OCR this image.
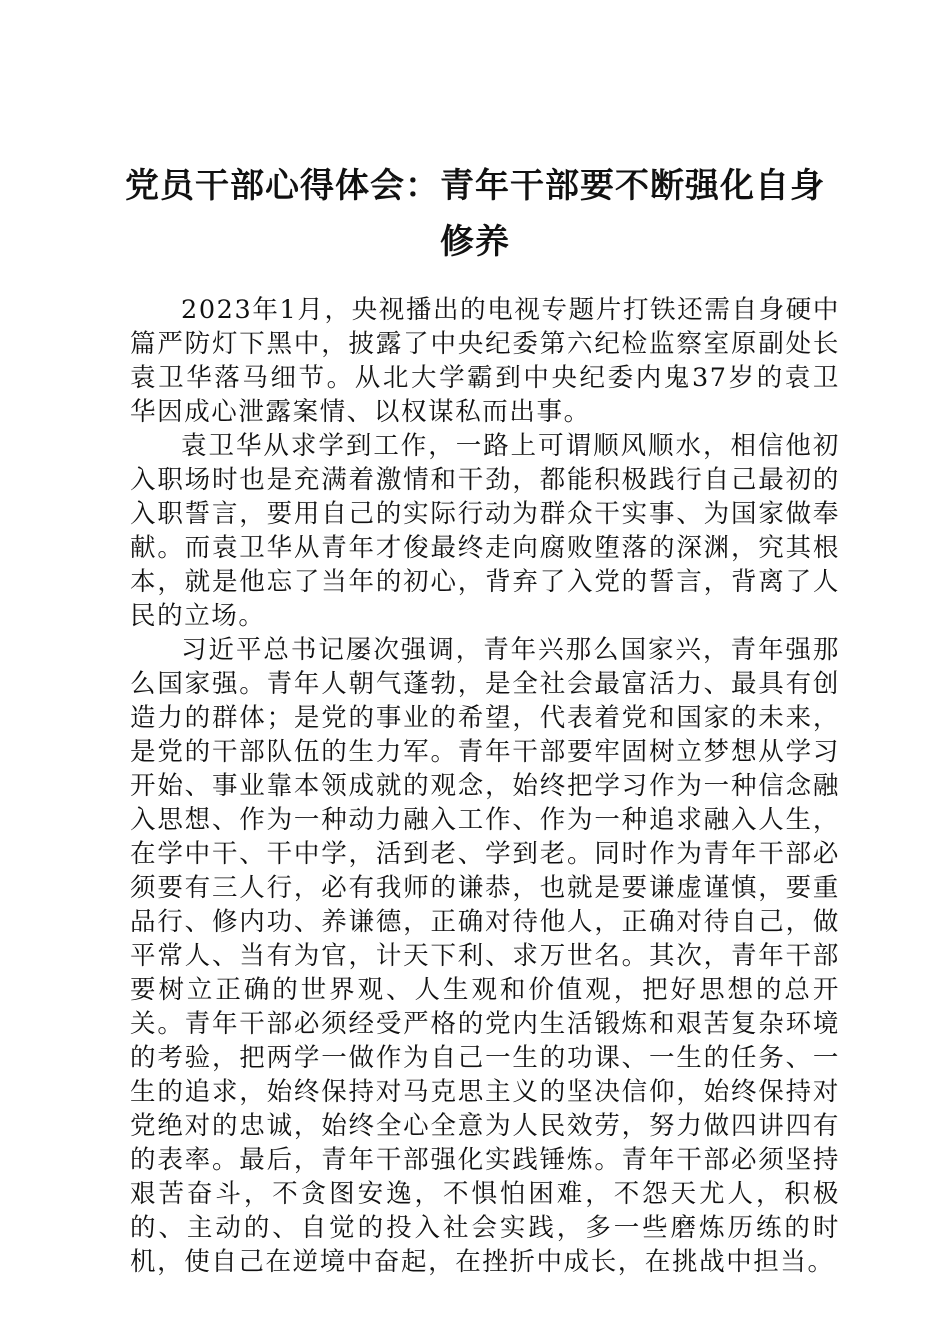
党员干部心得体会：青年干部要不断强化自身修养

2023年1月，央视播出的电视专题片打铁还需自身硬中篇严防灯下黑中，披露了中央纪委第六纪检监察室原副处长袁卫华落马细节。从北大学霸到中央纪委内鬼37岁的袁卫华因成心泄露案情、以权谋私而出事。

袁卫华从求学到工作，一路上可谓顺风顺水，相信他初入职场时也是充满着激情和干劲，都能积极践行自己最初的入职誓言，要用自己的实际行动为群众干实事、为国家做奉献。而袁卫华从青年才俊最终走向腐败堕落的深渊，究其根本，就是他忘了当年的初心，背弃了入党的誓言，背离了人民的立场。

习近平总书记屡次强调，青年兴那么国家兴，青年强那么国家强。青年人朝气蓬勃，是全社会最富活力、最具有创造力的群体；是党的事业的希望，代表着党和国家的未来，是党的干部队伍的生力军。青年干部要牢固树立梦想从学习开始、事业靠本领成就的观念，始终把学习作为一种信念融入思想、作为一种动力融入工作、作为一种追求融入人生，在学中干、干中学，活到老、学到老。同时作为青年干部必须要有三人行，必有我师的谦恭，也就是要谦虚谨慎，要重品行、修内功、养谦德，正确对待他人，正确对待自己，做平常人、当有为官，计天下利、求万世名。其次，青年干部要树立正确的世界观、人生观和价值观，把好思想的总开关。青年干部必须经受严格的党内生活锻炼和艰苦复杂环境的考验，把两学一做作为自己一生的功课、一生的任务、一生的追求，始终保持对马克思主义的坚决信仰，始终保持对党绝对的忠诚，始终全心全意为人民效劳，努力做四讲四有的表率。最后，青年干部强化实践锤炼。青年干部必须坚持艰苦奋斗，不贪图安逸，不惧怕困难，不怨天尤人，积极的、主动的、自觉的投入社会实践，多一些磨炼历练的时机，使自己在逆境中奋起，在挫折中成长，在挑战中担当。
